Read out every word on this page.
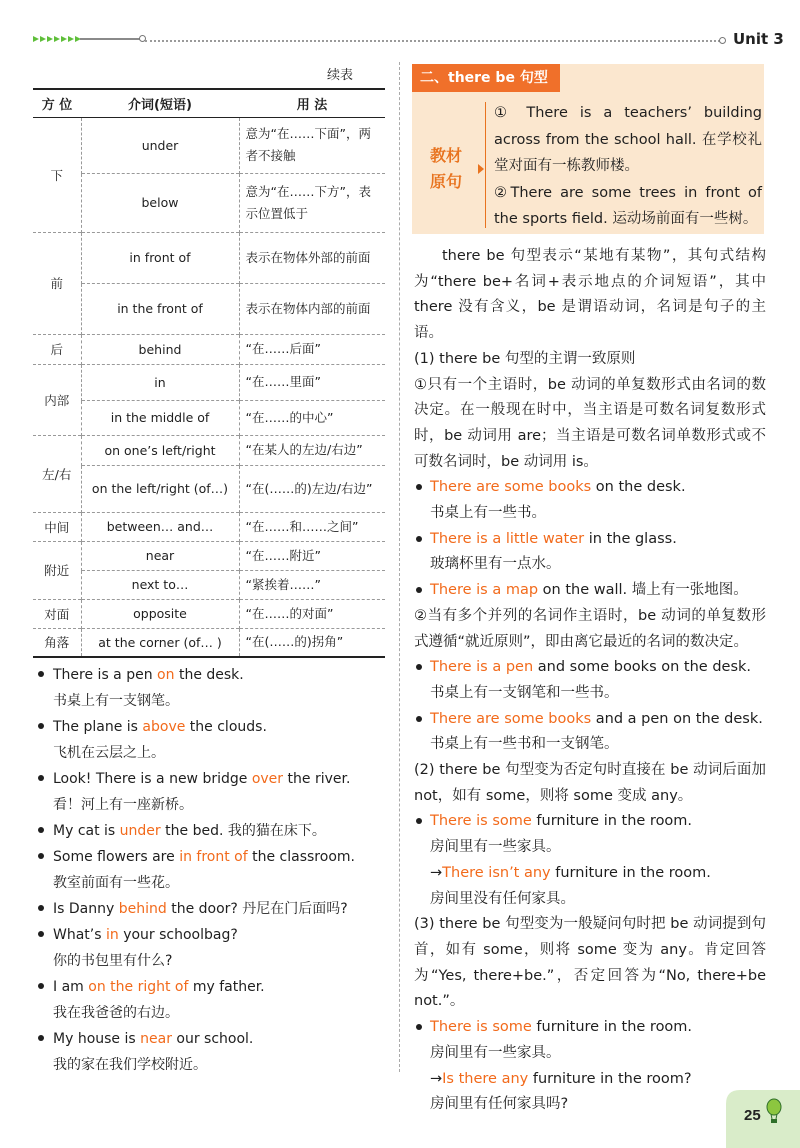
Unit 3
续表
方 位	介词(短语)	用 法
下	under	意为“在……下面”，两者不接触
	below	意为“在……下方”，表示位置低于
前	in front of	表示在物体外部的前面
	in the front of	表示在物体内部的前面
后	behind	“在……后面”
内部	in	“在……里面”
	in the middle of	“在……的中心”
左/右	on one’s left/right	“在某人的左边/右边”
	on the left/right (of…)	“在(……的)左边/右边”
中间	between… and…	“在……和……之间”
附近	near	“在……附近”
	next to…	“紧挨着……”
对面	opposite	“在……的对面”
角落	at the corner (of… )	“在(……的)拐角”
There is a pen on the desk.
书桌上有一支钢笔。
The plane is above the clouds.
飞机在云层之上。
Look! There is a new bridge over the river.
看！河上有一座新桥。
My cat is under the bed. 我的猫在床下。
Some flowers are in front of the classroom.
教室前面有一些花。
Is Danny behind the door? 丹尼在门后面吗?
What’s in your schoolbag?
你的书包里有什么?
I am on the right of my father.
我在我爸爸的右边。
My house is near our school.
我的家在我们学校附近。
二、there be 句型
教材原句

① There is a teachers’ building across from the school hall. 在学校礼堂对面有一栋教师楼。

②There are some trees in front of the sports field. 运动场前面有一些树。

there be 句型表示“某地有某物”，其句式结构为“there be+名词+表示地点的介词短语”，其中 there 没有含义，be 是谓语动词，名词是句子的主语。

(1) there be 句型的主谓一致原则

①只有一个主语时，be 动词的单复数形式由名词的数决定。在一般现在时中，当主语是可数名词复数形式时，be 动词用 are；当主语是可数名词单数形式或不可数名词时，be 动词用 is。

There are some books on the desk.
书桌上有一些书。
There is a little water in the glass.
玻璃杯里有一点水。
There is a map on the wall. 墙上有一张地图。

②当有多个并列的名词作主语时，be 动词的单复数形式遵循“就近原则”，即由离它最近的名词的数决定。

There is a pen and some books on the desk.
书桌上有一支钢笔和一些书。
There are some books and a pen on the desk.
书桌上有一些书和一支钢笔。

(2) there be 句型变为否定句时直接在 be 动词后面加 not，如有 some，则将 some 变成 any。

There is some furniture in the room.
房间里有一些家具。
→There isn’t any furniture in the room.
房间里没有任何家具。

(3) there be 句型变为一般疑问句时把 be 动词提到句首，如有 some，则将 some 变为 any。肯定回答为“Yes, there+be.”，否定回答为“No, there+be not.”。

There is some furniture in the room.
房间里有一些家具。
→Is there any furniture in the room?
房间里有任何家具吗?
25
